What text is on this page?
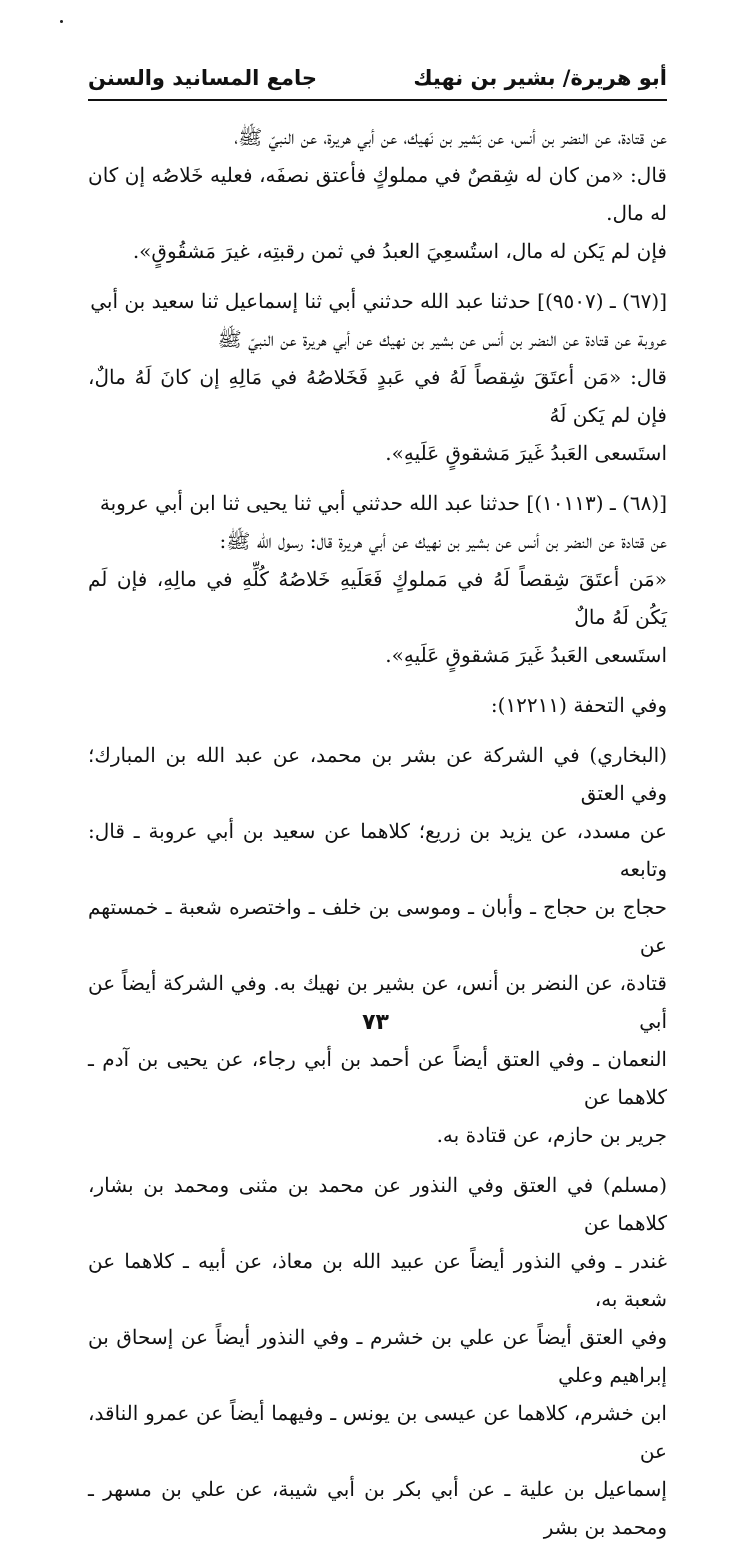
أبو هريرة/ بشير بن نهيك
جامع المسانيد والسنن

عن قتادة، عن النضر بن أنس، عن بَشير بن نَهيك، عن أبي هريرة، عن النبيّ ﷺ،

قال: «من كان له شِقصٌ في مملوكٍ فأعتق نصفَه، فعليه خَلاصُه إن كان له مال.

فإن لم يَكن له مال، استُسعِيَ العبدُ في ثمن رقبتِه، غيرَ مَشقُوقٍ».

[(٦٧) ـ (٩٥٠٧)] حدثنا عبد الله حدثني أبي ثنا إسماعيل ثنا سعيد بن أبي

عروبة عن قتادة عن النضر بن أنس عن بشير بن نهيك عن أبي هريرة عن النبيّ ﷺ

قال: «مَن أعتَقَ شِقصاً لَهُ في عَبدٍ فَخَلاصُهُ في مَالِهِ إن كانَ لَهُ مالٌ، فإن لم يَكن لَهُ

استَسعى العَبدُ غَيرَ مَشقوقٍ عَلَيهِ».

[(٦٨) ـ (١٠١١٣)] حدثنا عبد الله حدثني أبي ثنا يحيى ثنا ابن أبي عروبة

عن قتادة عن النضر بن أنس عن بشير بن نهيك عن أبي هريرة قال: رسول الله ﷺ:

«مَن أعتَقَ شِقصاً لَهُ في مَملوكٍ فَعَلَيهِ خَلاصُهُ كُلِّهِ في مالِهِ، فإن لَم يَكُن لَهُ مالٌ

استَسعى العَبدُ غَيرَ مَشقوقٍ عَلَيهِ».

وفي التحفة (١٢٢١١):

(البخاري) في الشركة عن بشر بن محمد، عن عبد الله بن المبارك؛ وفي العتق

عن مسدد، عن يزيد بن زريع؛ كلاهما عن سعيد بن أبي عروبة ـ قال: وتابعه

حجاج بن حجاج ـ وأبان ـ وموسى بن خلف ـ واختصره شعبة ـ خمستهم عن

قتادة، عن النضر بن أنس، عن بشير بن نهيك به. وفي الشركة أيضاً عن أبي

النعمان ـ وفي العتق أيضاً عن أحمد بن أبي رجاء، عن يحيى بن آدم ـ كلاهما عن

جرير بن حازم، عن قتادة به.

(مسلم) في العتق وفي النذور عن محمد بن مثنى ومحمد بن بشار، كلاهما عن

غندر ـ وفي النذور أيضاً عن عبيد الله بن معاذ، عن أبيه ـ كلاهما عن شعبة به،

وفي العتق أيضاً عن علي بن خشرم ـ وفي النذور أيضاً عن إسحاق بن إبراهيم وعلي

ابن خشرم، كلاهما عن عيسى بن يونس ـ وفيهما أيضاً عن عمرو الناقد، عن

إسماعيل بن علية ـ عن أبي بكر بن أبي شيبة، عن علي بن مسهر ـ ومحمد بن بشر

٧٣
